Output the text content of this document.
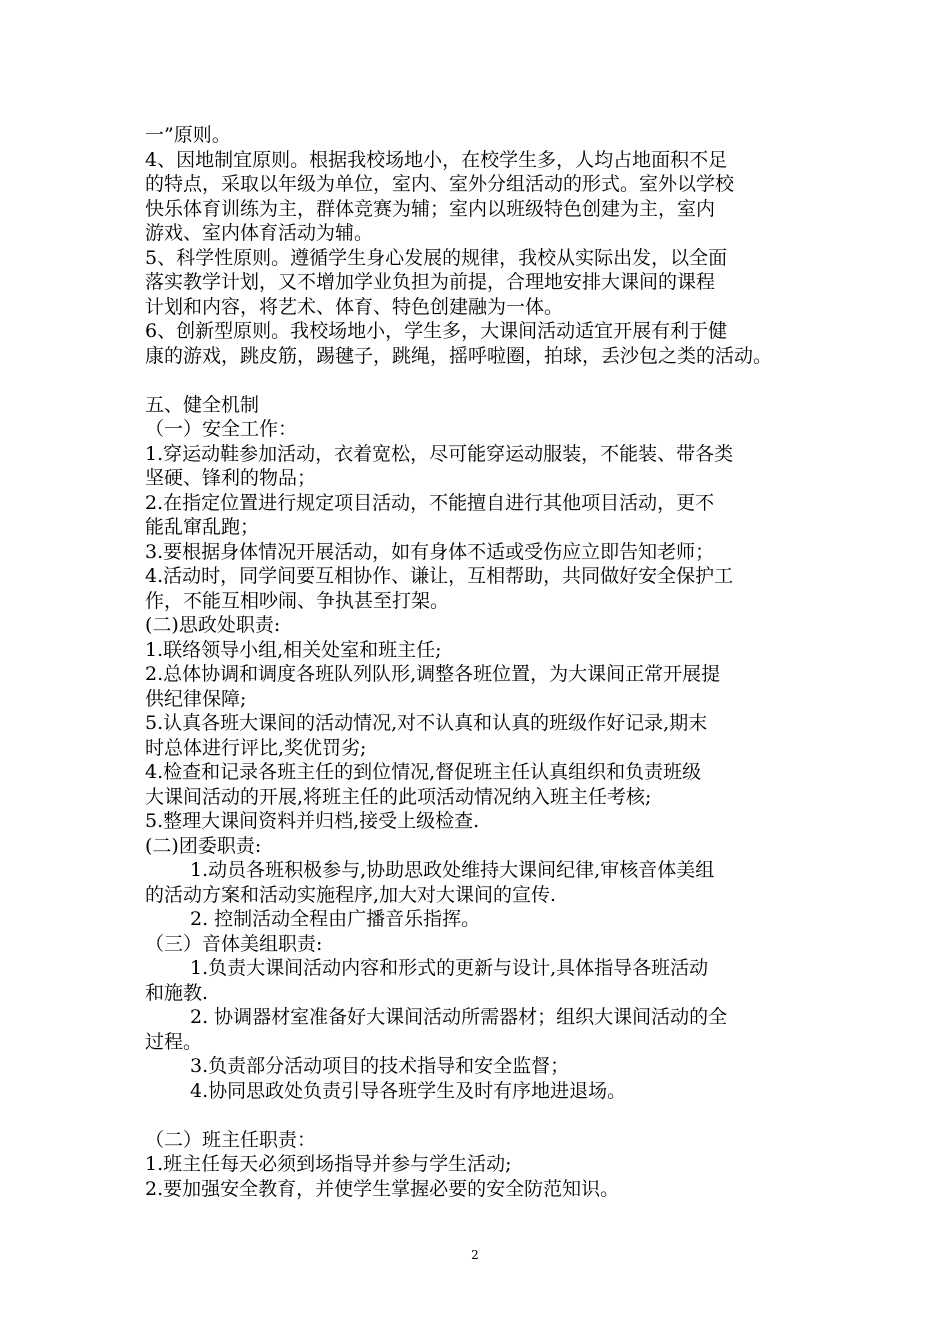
一”原则。
4、因地制宜原则。根据我校场地小，在校学生多，人均占地面积不足
的特点，采取以年级为单位，室内、室外分组活动的形式。室外以学校
快乐体育训练为主，群体竞赛为辅；室内以班级特色创建为主，室内
游戏、室内体育活动为辅。
5、科学性原则。遵循学生身心发展的规律，我校从实际出发，以全面
落实教学计划，又不增加学业负担为前提，合理地安排大课间的课程
计划和内容，将艺术、体育、特色创建融为一体。
6、创新型原则。我校场地小，学生多，大课间活动适宜开展有利于健
康的游戏，跳皮筋，踢毽子，跳绳，摇呼啦圈，拍球，丢沙包之类的活动。
五、健全机制
（一）安全工作：
1.穿运动鞋参加活动，衣着宽松，尽可能穿运动服装，不能装、带各类
坚硬、锋利的物品；
2.在指定位置进行规定项目活动，不能擅自进行其他项目活动，更不
能乱窜乱跑；
3.要根据身体情况开展活动，如有身体不适或受伤应立即告知老师；
4.活动时，同学间要互相协作、谦让，互相帮助，共同做好安全保护工
作，不能互相吵闹、争执甚至打架。
(二)思政处职责:
1.联络领导小组,相关处室和班主任;
2.总体协调和调度各班队列队形,调整各班位置，为大课间正常开展提
供纪律保障;
5.认真各班大课间的活动情况,对不认真和认真的班级作好记录,期末
时总体进行评比,奖优罚劣;
4.检查和记录各班主任的到位情况,督促班主任认真组织和负责班级
大课间活动的开展,将班主任的此项活动情况纳入班主任考核;
5.整理大课间资料并归档,接受上级检查.
(二)团委职责:
1.动员各班积极参与,协助思政处维持大课间纪律,审核音体美组
的活动方案和活动实施程序,加大对大课间的宣传.
2. 控制活动全程由广播音乐指挥。
（三）音体美组职责:
1.负责大课间活动内容和形式的更新与设计,具体指导各班活动
和施教.
2. 协调器材室准备好大课间活动所需器材；组织大课间活动的全
过程。
3.负责部分活动项目的技术指导和安全监督；
4.协同思政处负责引导各班学生及时有序地进退场。
（二）班主任职责：
1.班主任每天必须到场指导并参与学生活动;
2.要加强安全教育，并使学生掌握必要的安全防范知识。
2
